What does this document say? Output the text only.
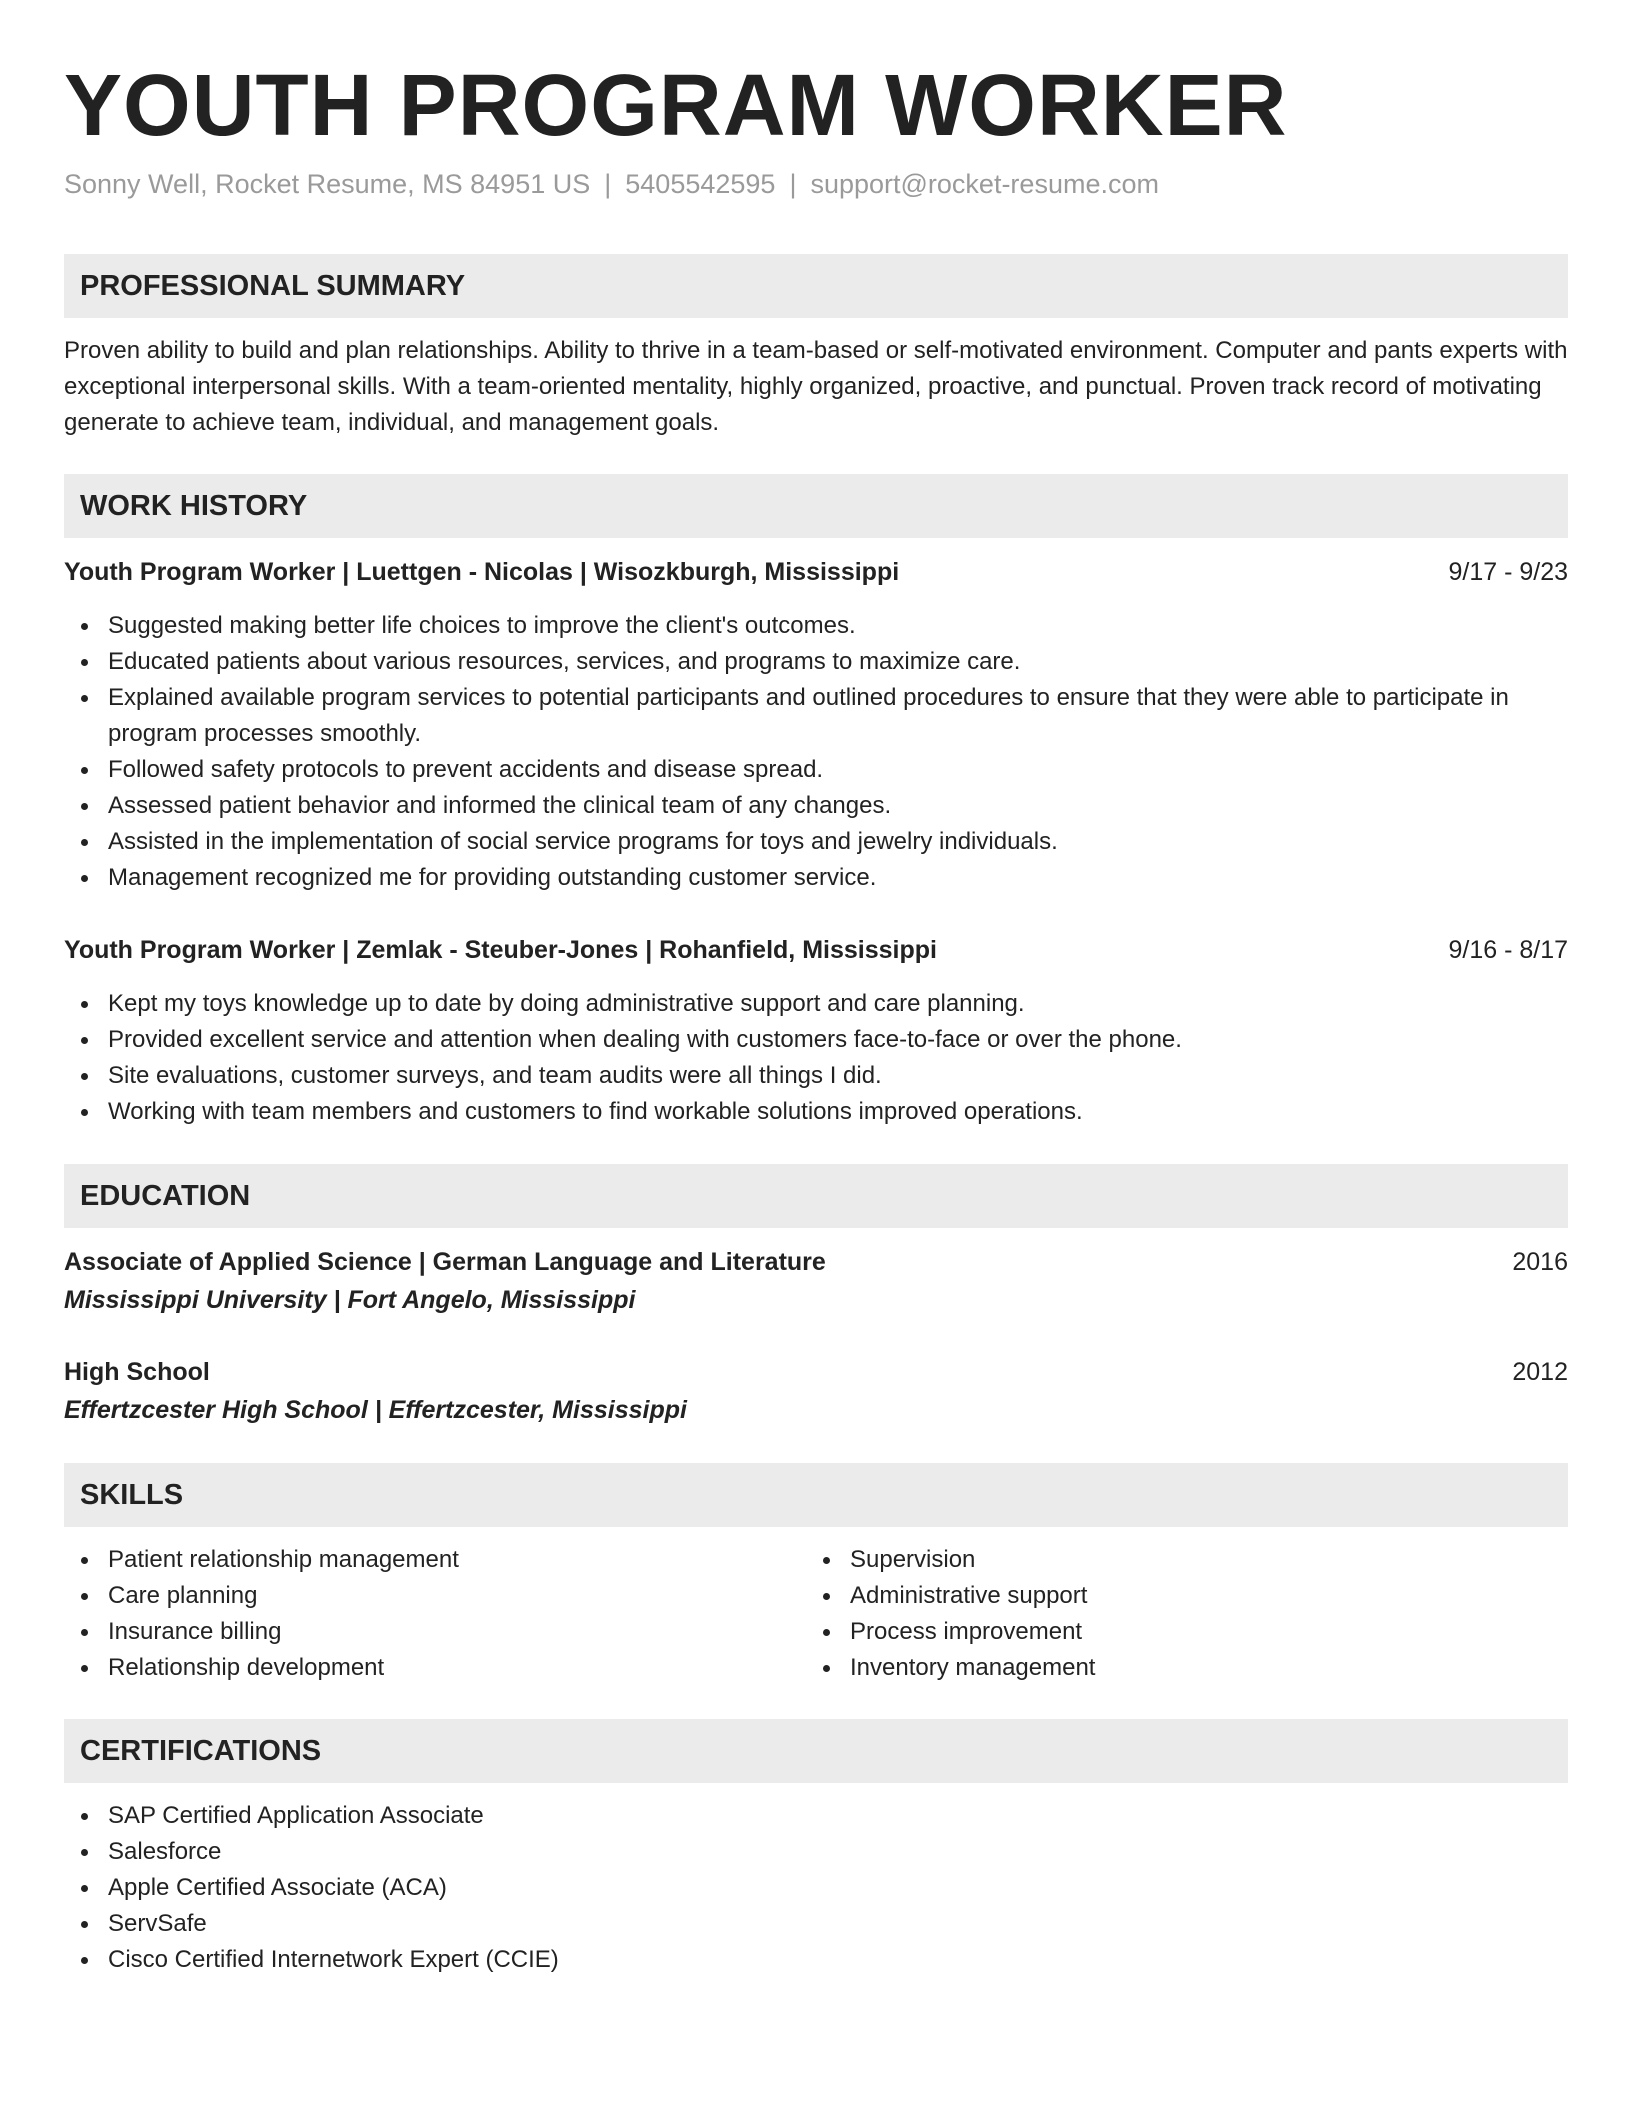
YOUTH PROGRAM WORKER
Sonny Well, Rocket Resume, MS 84951 US | 5405542595 | support@rocket-resume.com
PROFESSIONAL SUMMARY

Proven ability to build and plan relationships. Ability to thrive in a team-based or self-motivated environment. Computer and pants experts with exceptional interpersonal skills. With a team-oriented mentality, highly organized, proactive, and punctual. Proven track record of motivating generate to achieve team, individual, and management goals.

WORK HISTORY
Youth Program Worker | Luettgen - Nicolas | Wisozkburgh, Mississippi	9/17 - 9/23
Suggested making better life choices to improve the client's outcomes.
Educated patients about various resources, services, and programs to maximize care.
Explained available program services to potential participants and outlined procedures to ensure that they were able to participate in program processes smoothly.
Followed safety protocols to prevent accidents and disease spread.
Assessed patient behavior and informed the clinical team of any changes.
Assisted in the implementation of social service programs for toys and jewelry individuals.
Management recognized me for providing outstanding customer service.
Youth Program Worker | Zemlak - Steuber-Jones | Rohanfield, Mississippi	9/16 - 8/17
Kept my toys knowledge up to date by doing administrative support and care planning.
Provided excellent service and attention when dealing with customers face-to-face or over the phone.
Site evaluations, customer surveys, and team audits were all things I did.
Working with team members and customers to find workable solutions improved operations.
EDUCATION
Associate of Applied Science | German Language and Literature	2016
Mississippi University | Fort Angelo, Mississippi
High School	2012
Effertzcester High School | Effertzcester, Mississippi
SKILLS
Patient relationship management
Care planning
Insurance billing
Relationship development
Supervision
Administrative support
Process improvement
Inventory management
CERTIFICATIONS
SAP Certified Application Associate
Salesforce
Apple Certified Associate (ACA)
ServSafe
Cisco Certified Internetwork Expert (CCIE)
